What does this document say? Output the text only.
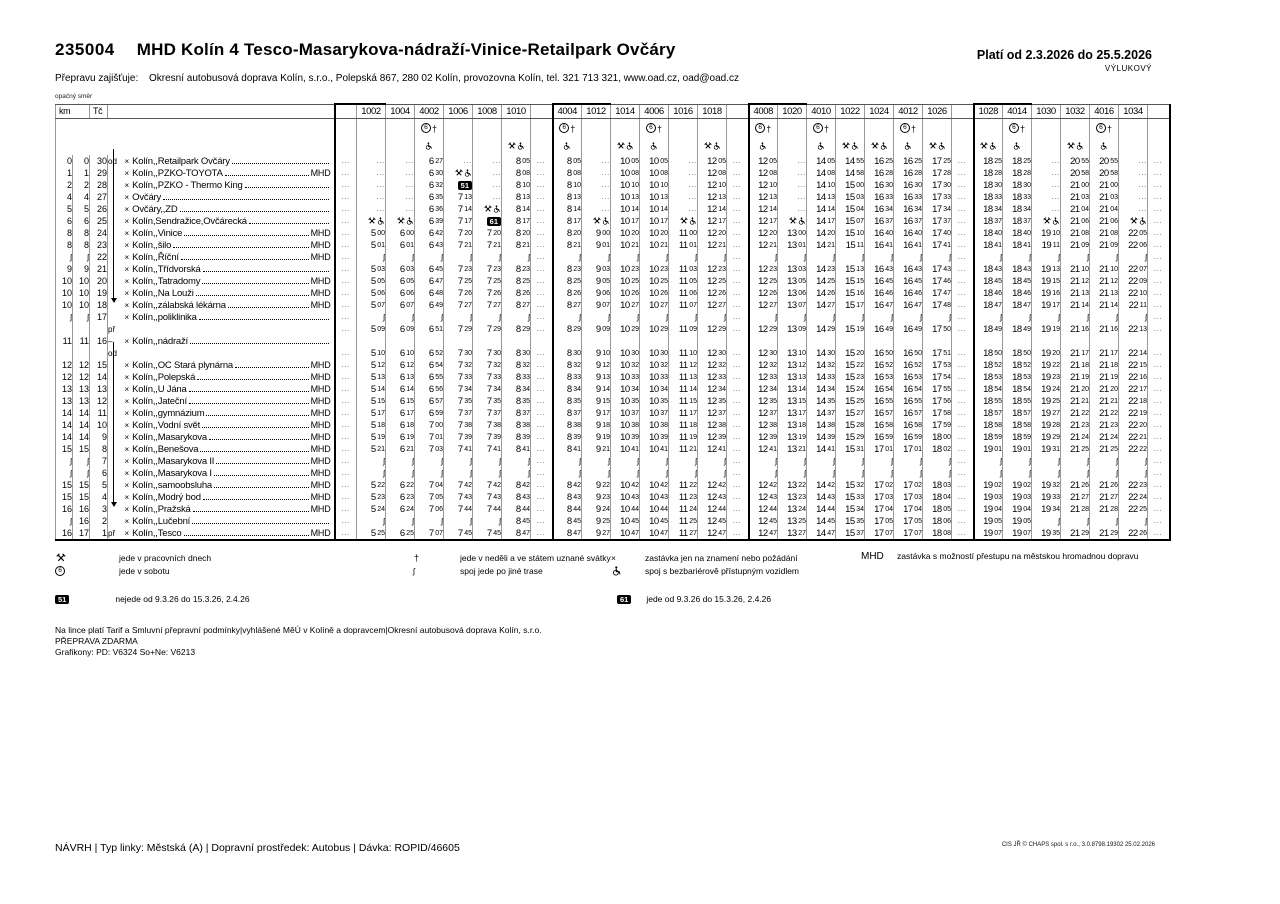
235004 MHD Kolín 4 Tesco-Masarykova-nádraží-Vinice-Retailpark Ovčáry	Platí od 2.3.2026 do 25.5.2026
VÝLUKOVÝ
Přepravu zajišťuje: Okresní autobusová doprava Kolín, s.r.o., Polepská 867, 280 02 Kolín, provozovna Kolín, tel. 321 713 321, www.oad.cz, oad@oad.cz
opačný směr
km		Tč				1002	1004	4002	1006	1008	1010		4004	1012	1014	4006	1016	1018		4008	1020	4010	1022	1024	4012	1026		1028	4014	1030	1032	4016	1034	
								6 †					6 †			6 †				6 †		6 †			6 †				6 †			6 †		

0	0	30	od	× Kolín,,Retailpark Ovčáry	...	...	...	6 27	...	...	8 05	...	8 05	...	10 05	10 05	...	12 05	...	12 05	...	14 05	14 55	16 25	16 25	17 25	...	18 25	18 25	...	20 55	20 55	...	...
1	1	29		× Kolín,,PZKO-TOYOTA MHD	...	...	...	6 30		...	8 08	...	8 08	...	10 08	10 08	...	12 08	...	12 08	...	14 08	14 58	16 28	16 28	17 28	...	18 28	18 28	...	20 58	20 58	...	...
2	2	28		× Kolín,,PZKO - Thermo King	...	...	...	6 32	51	...	8 10	...	8 10	...	10 10	10 10	...	12 10	...	12 10	...	14 10	15 00	16 30	16 30	17 30	...	18 30	18 30	...	21 00	21 00	...	...
4	4	27		× Ovčáry	...	...	...	6 35	7 13	...	8 13	...	8 13	...	10 13	10 13	...	12 13	...	12 13	...	14 13	15 03	16 33	16 33	17 33	...	18 33	18 33	...	21 03	21 03	...	...
5	5	26		× Ovčáry,,ZD	...	...	...	6 36	7 14		8 14	...	8 14	...	10 14	10 14	...	12 14	...	12 14	...	14 14	15 04	16 34	16 34	17 34	...	18 34	18 34	...	21 04	21 04	...	...
6	6	25		× Kolín,Sendražice,Ovčárecká	...			6 39	7 17	61	8 17	...	8 17		10 17	10 17		12 17	...	12 17		14 17	15 07	16 37	16 37	17 37	...	18 37	18 37		21 06	21 06		...
8	8	24		× Kolín,,Vinice MHD	...	5 00	6 00	6 42	7 20	7 20	8 20	...	8 20	9 00	10 20	10 20	11 00	12 20	...	12 20	13 00	14 20	15 10	16 40	16 40	17 40	...	18 40	18 40	19 10	21 08	21 08	22 05	...
8	8	23		× Kolín,,šilo MHD	...	5 01	6 01	6 43	7 21	7 21	8 21	...	8 21	9 01	10 21	10 21	11 01	12 21	...	12 21	13 01	14 21	15 11	16 41	16 41	17 41	...	18 41	18 41	19 11	21 09	21 09	22 06	...
ʃ	ʃ	22		× Kolín,,Říční MHD	...	ʃ	ʃ	ʃ	ʃ	ʃ	ʃ	...	ʃ	ʃ	ʃ	ʃ	ʃ	ʃ	...	ʃ	ʃ	ʃ	ʃ	ʃ	ʃ	ʃ	...	ʃ	ʃ	ʃ	ʃ	ʃ	ʃ	...
9	9	21		× Kolín,,Třídvorská	...	5 03	6 03	6 45	7 23	7 23	8 23	...	8 23	9 03	10 23	10 23	11 03	12 23	...	12 23	13 03	14 23	15 13	16 43	16 43	17 43	...	18 43	18 43	19 13	21 10	21 10	22 07	...
10	10	20		× Kolín,,Tatradomy MHD	...	5 05	6 05	6 47	7 25	7 25	8 25	...	8 25	9 05	10 25	10 25	11 05	12 25	...	12 25	13 05	14 25	15 15	16 45	16 45	17 46	...	18 45	18 45	19 15	21 12	21 12	22 09	...
10	10	19		× Kolín,,Na Louži MHD	...	5 06	6 06	6 48	7 26	7 26	8 26	...	8 26	9 06	10 26	10 26	11 06	12 26	...	12 26	13 06	14 26	15 16	16 46	16 46	17 47	...	18 46	18 46	19 16	21 13	21 13	22 10	...
10	10	18		× Kolín,,zálabská lékárna MHD	...	5 07	6 07	6 49	7 27	7 27	8 27	...	8 27	9 07	10 27	10 27	11 07	12 27	...	12 27	13 07	14 27	15 17	16 47	16 47	17 48	...	18 47	18 47	19 17	21 14	21 14	22 11	...
ʃ	ʃ	17		× Kolín,,poliklinika	...	ʃ	ʃ	ʃ	ʃ	ʃ	ʃ	...	ʃ	ʃ	ʃ	ʃ	ʃ	ʃ	...	ʃ	ʃ	ʃ	ʃ	ʃ	ʃ	ʃ	...	ʃ	ʃ	ʃ	ʃ	ʃ	ʃ	...
			př		...	5 09	6 09	6 51	7 29	7 29	8 29	...	8 29	9 09	10 29	10 29	11 09	12 29	...	12 29	13 09	14 29	15 19	16 49	16 49	17 50	...	18 49	18 49	19 19	21 16	21 16	22 13	...
11	11	16	–	× Kolín,,nádraží																														

			od		...	5 10	6 10	6 52	7 30	7 30	8 30	...	8 30	9 10	10 30	10 30	11 10	12 30	...	12 30	13 10	14 30	15 20	16 50	16 50	17 51	...	18 50	18 50	19 20	21 17	21 17	22 14	...
12	12	15		× Kolín,,OC Stará plynárna MHD	...	5 12	6 12	6 54	7 32	7 32	8 32	...	8 32	9 12	10 32	10 32	11 12	12 32	...	12 32	13 12	14 32	15 22	16 52	16 52	17 53	...	18 52	18 52	19 22	21 18	21 18	22 15	...
12	12	14		× Kolín,,Polepská MHD	...	5 13	6 13	6 55	7 33	7 33	8 33	...	8 33	9 13	10 33	10 33	11 13	12 33	...	12 33	13 13	14 33	15 23	16 53	16 53	17 54	...	18 53	18 53	19 23	21 19	21 19	22 16	...
13	13	13		× Kolín,,U Jána MHD	...	5 14	6 14	6 56	7 34	7 34	8 34	...	8 34	9 14	10 34	10 34	11 14	12 34	...	12 34	13 14	14 34	15 24	16 54	16 54	17 55	...	18 54	18 54	19 24	21 20	21 20	22 17	...
13	13	12		× Kolín,,Jateční MHD	...	5 15	6 15	6 57	7 35	7 35	8 35	...	8 35	9 15	10 35	10 35	11 15	12 35	...	12 35	13 15	14 35	15 25	16 55	16 55	17 56	...	18 55	18 55	19 25	21 21	21 21	22 18	...
14	14	11		× Kolín,,gymnázium MHD	...	5 17	6 17	6 59	7 37	7 37	8 37	...	8 37	9 17	10 37	10 37	11 17	12 37	...	12 37	13 17	14 37	15 27	16 57	16 57	17 58	...	18 57	18 57	19 27	21 22	21 22	22 19	...
14	14	10		× Kolín,,Vodní svět MHD	...	5 18	6 18	7 00	7 38	7 38	8 38	...	8 38	9 18	10 38	10 38	11 18	12 38	...	12 38	13 18	14 38	15 28	16 58	16 58	17 59	...	18 58	18 58	19 28	21 23	21 23	22 20	...
14	14	9		× Kolín,,Masarykova MHD	...	5 19	6 19	7 01	7 39	7 39	8 39	...	8 39	9 19	10 39	10 39	11 19	12 39	...	12 39	13 19	14 39	15 29	16 59	16 59	18 00	...	18 59	18 59	19 29	21 24	21 24	22 21	...
15	15	8		× Kolín,,Benešova MHD	...	5 21	6 21	7 03	7 41	7 41	8 41	...	8 41	9 21	10 41	10 41	11 21	12 41	...	12 41	13 21	14 41	15 31	17 01	17 01	18 02	...	19 01	19 01	19 31	21 25	21 25	22 22	...
ʃ	ʃ	7		× Kolín,,Masarykova II MHD	...	ʃ	ʃ	ʃ	ʃ	ʃ	ʃ	...	ʃ	ʃ	ʃ	ʃ	ʃ	ʃ	...	ʃ	ʃ	ʃ	ʃ	ʃ	ʃ	ʃ	...	ʃ	ʃ	ʃ	ʃ	ʃ	ʃ	...
ʃ	ʃ	6		× Kolín,,Masarykova I MHD	...	ʃ	ʃ	ʃ	ʃ	ʃ	ʃ	...	ʃ	ʃ	ʃ	ʃ	ʃ	ʃ	...	ʃ	ʃ	ʃ	ʃ	ʃ	ʃ	ʃ	...	ʃ	ʃ	ʃ	ʃ	ʃ	ʃ	...
15	15	5		× Kolín,,samoobsluha MHD	...	5 22	6 22	7 04	7 42	7 42	8 42	...	8 42	9 22	10 42	10 42	11 22	12 42	...	12 42	13 22	14 42	15 32	17 02	17 02	18 03	...	19 02	19 02	19 32	21 26	21 26	22 23	...
15	15	4		× Kolín,,Modrý bod MHD	...	5 23	6 23	7 05	7 43	7 43	8 43	...	8 43	9 23	10 43	10 43	11 23	12 43	...	12 43	13 23	14 43	15 33	17 03	17 03	18 04	...	19 03	19 03	19 33	21 27	21 27	22 24	...
16	16	3		× Kolín,,Pražská MHD	...	5 24	6 24	7 06	7 44	7 44	8 44	...	8 44	9 24	10 44	10 44	11 24	12 44	...	12 44	13 24	14 44	15 34	17 04	17 04	18 05	...	19 04	19 04	19 34	21 28	21 28	22 25	...
ʃ	16	2		× Kolín,,Lučební	...	ʃ	ʃ	ʃ	ʃ	ʃ	8 45	...	8 45	9 25	10 45	10 45	11 25	12 45	...	12 45	13 25	14 45	15 35	17 05	17 05	18 06	...	19 05	19 05	ʃ	ʃ	ʃ	ʃ	...
16	17	1	př	× Kolín,,Tesco MHD	...	5 25	6 25	7 07	7 45	7 45	8 47	...	8 47	9 27	10 47	10 47	11 27	12 47	...	12 47	13 27	14 47	15 37	17 07	17 07	18 08	...	19 07	19 07	19 35	21 29	21 29	22 26	...
jede v pracovních dnech
6	jede v sobotu
†	jede v neděli a ve státem uznané svátky
ʃ	spoj jede po jiné trase
×	zastávka jen na znamení nebo požádání
spoj s bezbariérově přístupným vozidlem
MHD zastávka s možností přestupu na městskou hromadnou dopravu
51	nejede od 9.3.26 do 15.3.26, 2.4.26	61	jede od 9.3.26 do 15.3.26, 2.4.26
Na lince platí Tarif a Smluvní přepravní podmínky|vyhlášené MěÚ v Kolíně a dopravcem|Okresní autobusová doprava Kolín, s.r.o.
PŘEPRAVA ZDARMA
Grafikony: PD: V6324 So+Ne: V6213
NÁVRH | Typ linky: Městská (A) | Dopravní prostředek: Autobus | Dávka: ROPID/46605	CIS JŘ © CHAPS spol. s r.o., 3.0.8798.19302 25.02.2026
